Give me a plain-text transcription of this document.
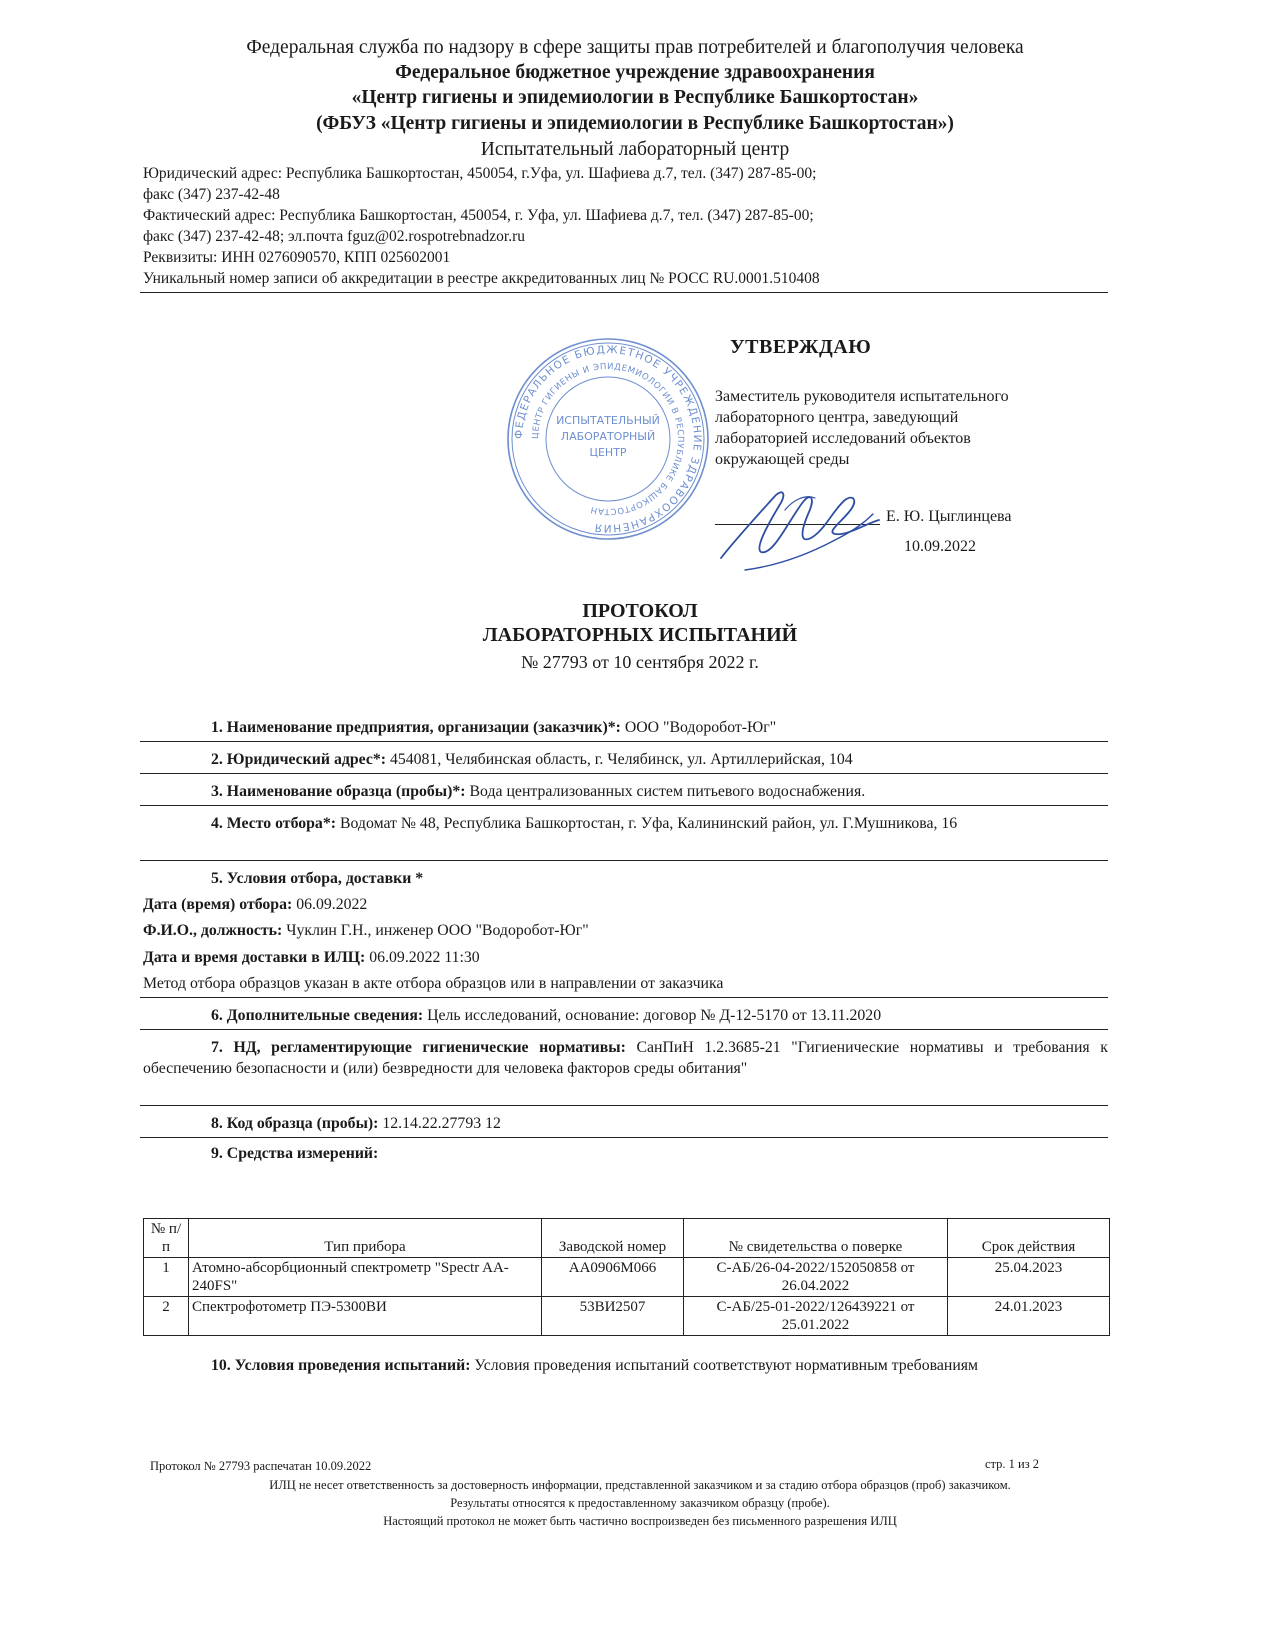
Федеральная служба по надзору в сфере защиты прав потребителей и благополучия человека
Федеральное бюджетное учреждение здравоохранения
«Центр гигиены и эпидемиологии в Республике Башкортостан»
(ФБУЗ «Центр гигиены и эпидемиологии в Республике Башкортостан»)
Испытательный лабораторный центр
Юридический адрес: Республика Башкортостан, 450054, г.Уфа, ул. Шафиева д.7, тел. (347) 287-85-00;
факс (347) 237-42-48
Фактический адрес: Республика Башкортостан, 450054, г. Уфа, ул. Шафиева д.7, тел. (347) 287-85-00;
факс (347) 237-42-48; эл.почта fguz@02.rospotrebnadzor.ru
Реквизиты: ИНН 0276090570, КПП 025602001
Уникальный номер записи об аккредитации в реестре аккредитованных лиц № РОСС RU.0001.510408
ФЕДЕРАЛЬНОЕ БЮДЖЕТНОЕ УЧРЕЖДЕНИЕ ЗДРАВООХРАНЕНИЯ
ЦЕНТР ГИГИЕНЫ И ЭПИДЕМИОЛОГИИ В РЕСПУБЛИКЕ БАШКОРТОСТАН
ИСПЫТАТЕЛЬНЫЙ
ЛАБОРАТОРНЫЙ
ЦЕНТР
УТВЕРЖДАЮ
Заместитель руководителя испытательного
лабораторного центра, заведующий
лабораторией исследований объектов
окружающей среды
Е. Ю. Цыглинцева
10.09.2022
ПРОТОКОЛ
ЛАБОРАТОРНЫХ ИСПЫТАНИЙ
№ 27793 от 10 сентября 2022 г.
1. Наименование предприятия, организации (заказчик)*: ООО "Водоробот-Юг"
2. Юридический адрес*: 454081, Челябинская область, г. Челябинск, ул. Артиллерийская, 104
3. Наименование образца (пробы)*: Вода централизованных систем питьевого водоснабжения.
4. Место отбора*: Водомат № 48, Республика Башкортостан, г. Уфа, Калининский район, ул. Г.Мушникова, 16
5. Условия отбора, доставки *
Дата (время) отбора: 06.09.2022
Ф.И.О., должность: Чуклин Г.Н., инженер ООО "Водоробот-Юг"
Дата и время доставки в ИЛЦ: 06.09.2022 11:30
Метод отбора образцов указан в акте отбора образцов или в направлении от заказчика
6. Дополнительные сведения: Цель исследований, основание: договор № Д-12-5170 от 13.11.2020
7. НД, регламентирующие гигиенические нормативы: СанПиН 1.2.3685-21 "Гигиенические нормативы и требования к обеспечению безопасности и (или) безвредности для человека факторов среды обитания"
8. Код образца (пробы): 12.14.22.27793 12
9. Средства измерений:
№ п/п	Тип прибора	Заводской номер	№ свидетельства о поверке	Срок действия
1	Атомно-абсорбционный спектрометр "Spectr AA-240FS"	AA0906M066	С-АБ/26-04-2022/152050858 от 26.04.2022	25.04.2023
2	Спектрофотометр ПЭ-5300ВИ	53ВИ2507	С-АБ/25-01-2022/126439221 от 25.01.2022	24.01.2023
10. Условия проведения испытаний: Условия проведения испытаний соответствуют нормативным требованиям
Протокол № 27793 распечатан 10.09.2022	стр. 1 из 2
ИЛЦ не несет ответственность за достоверность информации, представленной заказчиком и за стадию отбора образцов (проб) заказчиком.
Результаты относятся к предоставленному заказчиком образцу (пробе).
Настоящий протокол не может быть частично воспроизведен без письменного разрешения ИЛЦ
